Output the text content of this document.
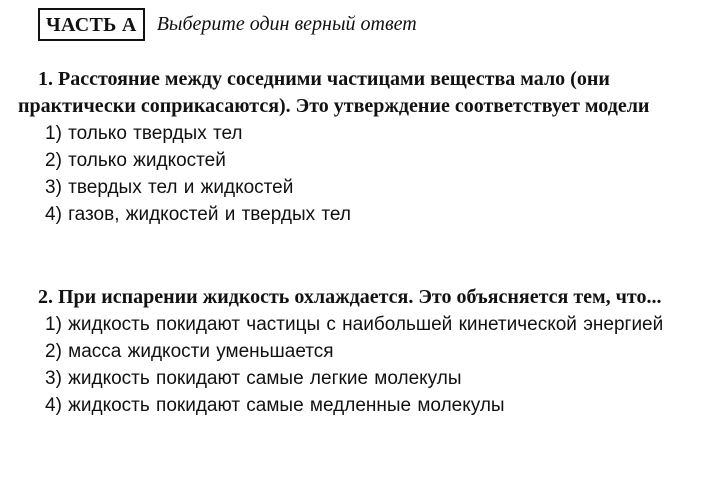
ЧАСТЬ А	Выберите один верный ответ

1. Расстояние между соседними частицами вещества мало (они практически соприкасаются). Это утверждение соответствует модели

1) только твердых тел
2) только жидкостей
3) твердых тел и жидкостей
4) газов, жидкостей и твердых тел

2. При испарении жидкость охлаждается. Это объясняется тем, что...

1) жидкость покидают частицы с наибольшей кинетической энергией
2) масса жидкости уменьшается
3) жидкость покидают самые легкие молекулы
4) жидкость покидают самые медленные молекулы
